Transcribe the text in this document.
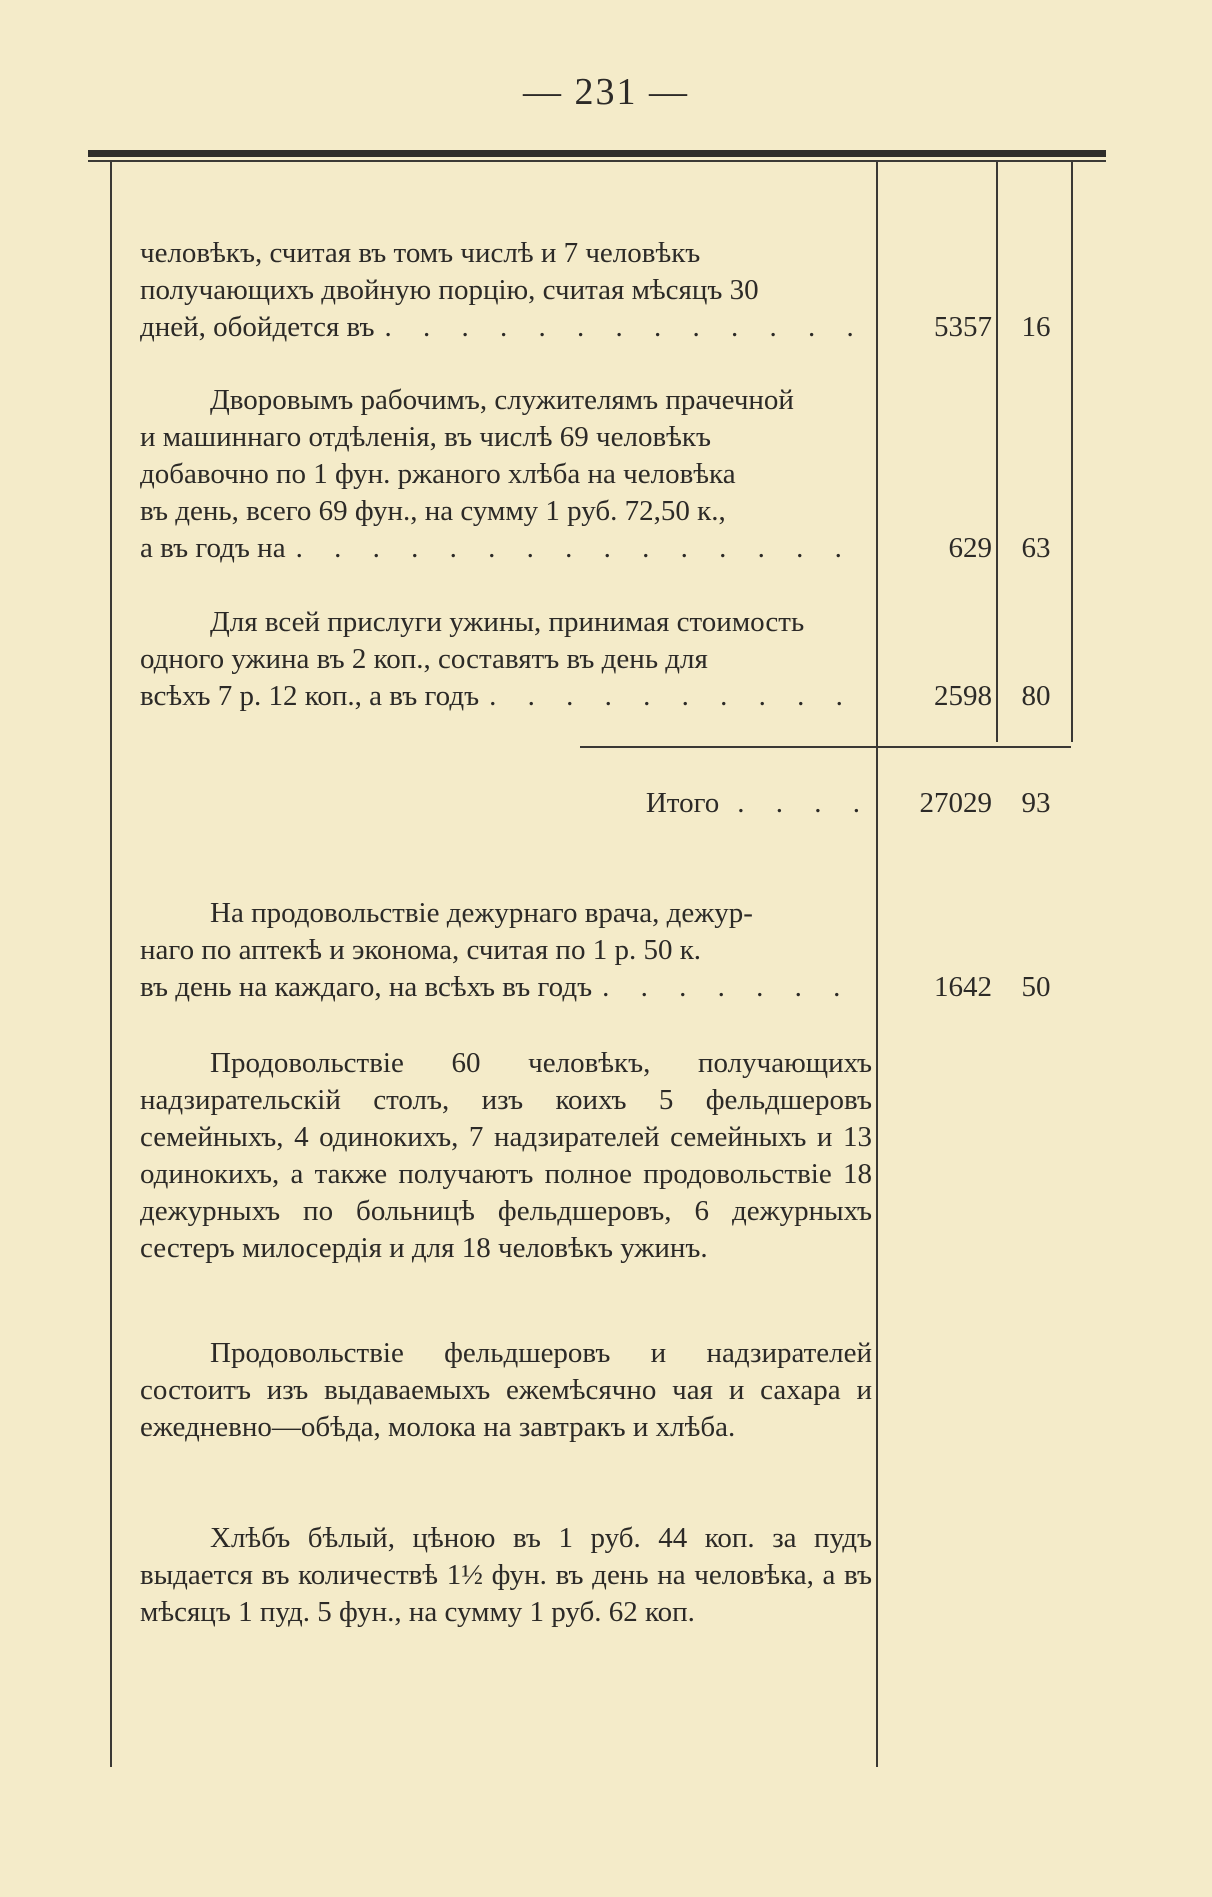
— 231 —
человѣкъ, считая въ томъ числѣ и 7 человѣкъ
получающихъ двойную порцію, считая мѣсяцъ 30
дней, обойдется въ . . .	5357	16
Дворовымъ рабочимъ, служителямъ прачечной
и машиннаго отдѣленія, въ числѣ 69 человѣкъ
добавочно по 1 фун. ржаного хлѣба на человѣка
въ день, всего 69 фун., на сумму 1 руб. 72,50 к.,
а въ годъ на . . .	629	63
Для всей прислуги ужины, принимая стоимость
одного ужина въ 2 коп., составятъ въ день для
всѣхъ 7 р. 12 коп., а въ годъ . . .	2598	80
Итого . . . .	27029	93
На продовольствіе дежурнаго врача, дежур-
наго по аптекѣ и эконома, считая по 1 р. 50 к.
въ день на каждаго, на всѣхъ въ годъ . . .	1642	50

Продовольствіе 60 человѣкъ, получающихъ надзирательскій столъ, изъ коихъ 5 фельдшеровъ семейныхъ, 4 одинокихъ, 7 надзирателей семейныхъ и 13 одинокихъ, а также получаютъ полное продовольствіе 18 дежурныхъ по больницѣ фельдшеровъ, 6 дежурныхъ сестеръ милосердія и для 18 человѣкъ ужинъ.

Продовольствіе фельдшеровъ и надзирателей состоитъ изъ выдаваемыхъ ежемѣсячно чая и сахара и ежедневно—обѣда, молока на завтракъ и хлѣба.

Хлѣбъ бѣлый, цѣною въ 1 руб. 44 коп. за пудъ выдается въ количествѣ 1½ фун. въ день на человѣка, а въ мѣсяцъ 1 пуд. 5 фун., на сумму 1 руб. 62 коп.
